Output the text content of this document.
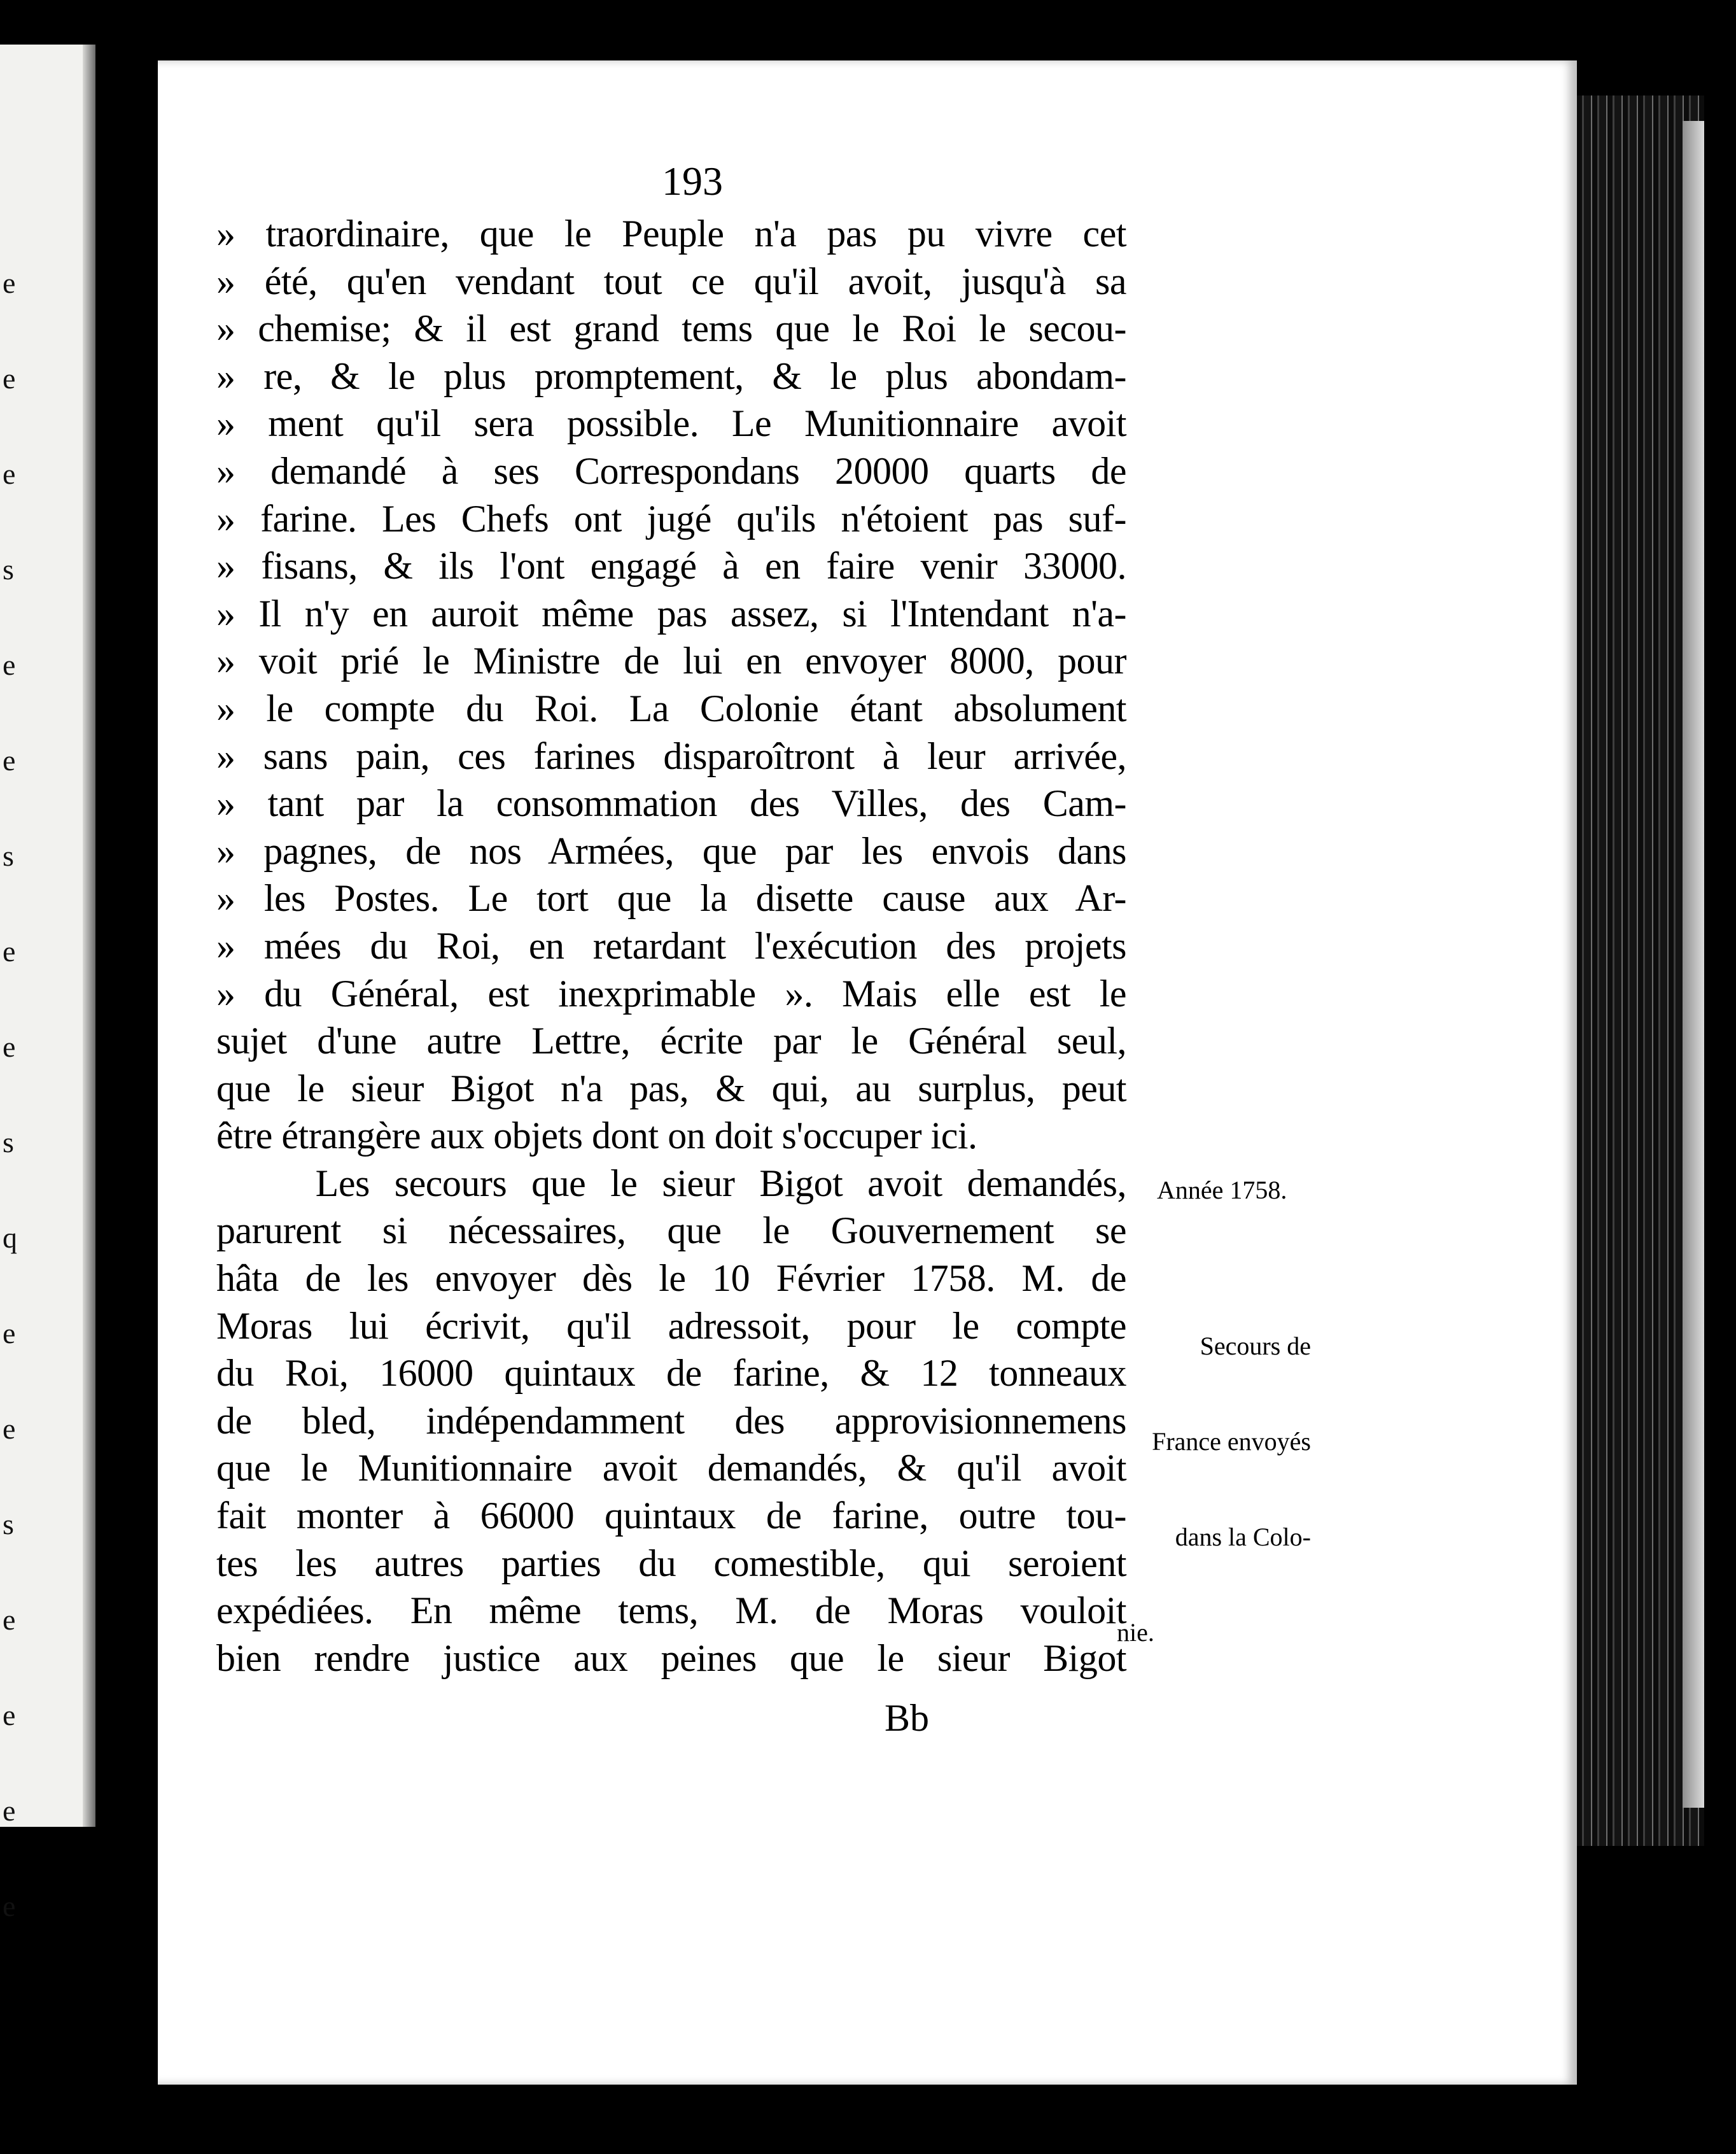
e
e
e
s
e
e
s
e
e
s
q
e
e
s
e
e
e
e
193
» traordinaire, que le Peuple n'a pas pu vivre cet
» été, qu'en vendant tout ce qu'il avoit, jusqu'à sa
» chemise; & il est grand tems que le Roi le secou-
» re, & le plus promptement, & le plus abondam-
» ment qu'il sera possible. Le Munitionnaire avoit
» demandé à ses Correspondans 20000 quarts de
» farine. Les Chefs ont jugé qu'ils n'étoient pas suf-
» fisans, & ils l'ont engagé à en faire venir 33000.
» Il n'y en auroit même pas assez, si l'Intendant n'a-
» voit prié le Ministre de lui en envoyer 8000, pour
» le compte du Roi. La Colonie étant absolument
» sans pain, ces farines disparoîtront à leur arrivée,
» tant par la consommation des Villes, des Cam-
» pagnes, de nos Armées, que par les envois dans
» les Postes. Le tort que la disette cause aux Ar-
» mées du Roi, en retardant l'exécution des projets
» du Général, est inexprimable ». Mais elle est le
sujet d'une autre Lettre, écrite par le Général seul,
que le sieur Bigot n'a pas, & qui, au surplus, peut
être étrangère aux objets dont on doit s'occuper ici.
Les secours que le sieur Bigot avoit demandés,
parurent si nécessaires, que le Gouvernement se
hâta de les envoyer dès le 10 Février 1758. M. de
Moras lui écrivit, qu'il adressoit, pour le compte
du Roi, 16000 quintaux de farine, & 12 tonneaux
de bled, indépendamment des approvisionnemens
que le Munitionnaire avoit demandés, & qu'il avoit
fait monter à 66000 quintaux de farine, outre tou-
tes les autres parties du comestible, qui seroient
expédiées. En même tems, M. de Moras vouloit
bien rendre justice aux peines que le sieur Bigot
Bb
Année 1758.

Secours de

France envoyés

dans la Colo-

nie.
